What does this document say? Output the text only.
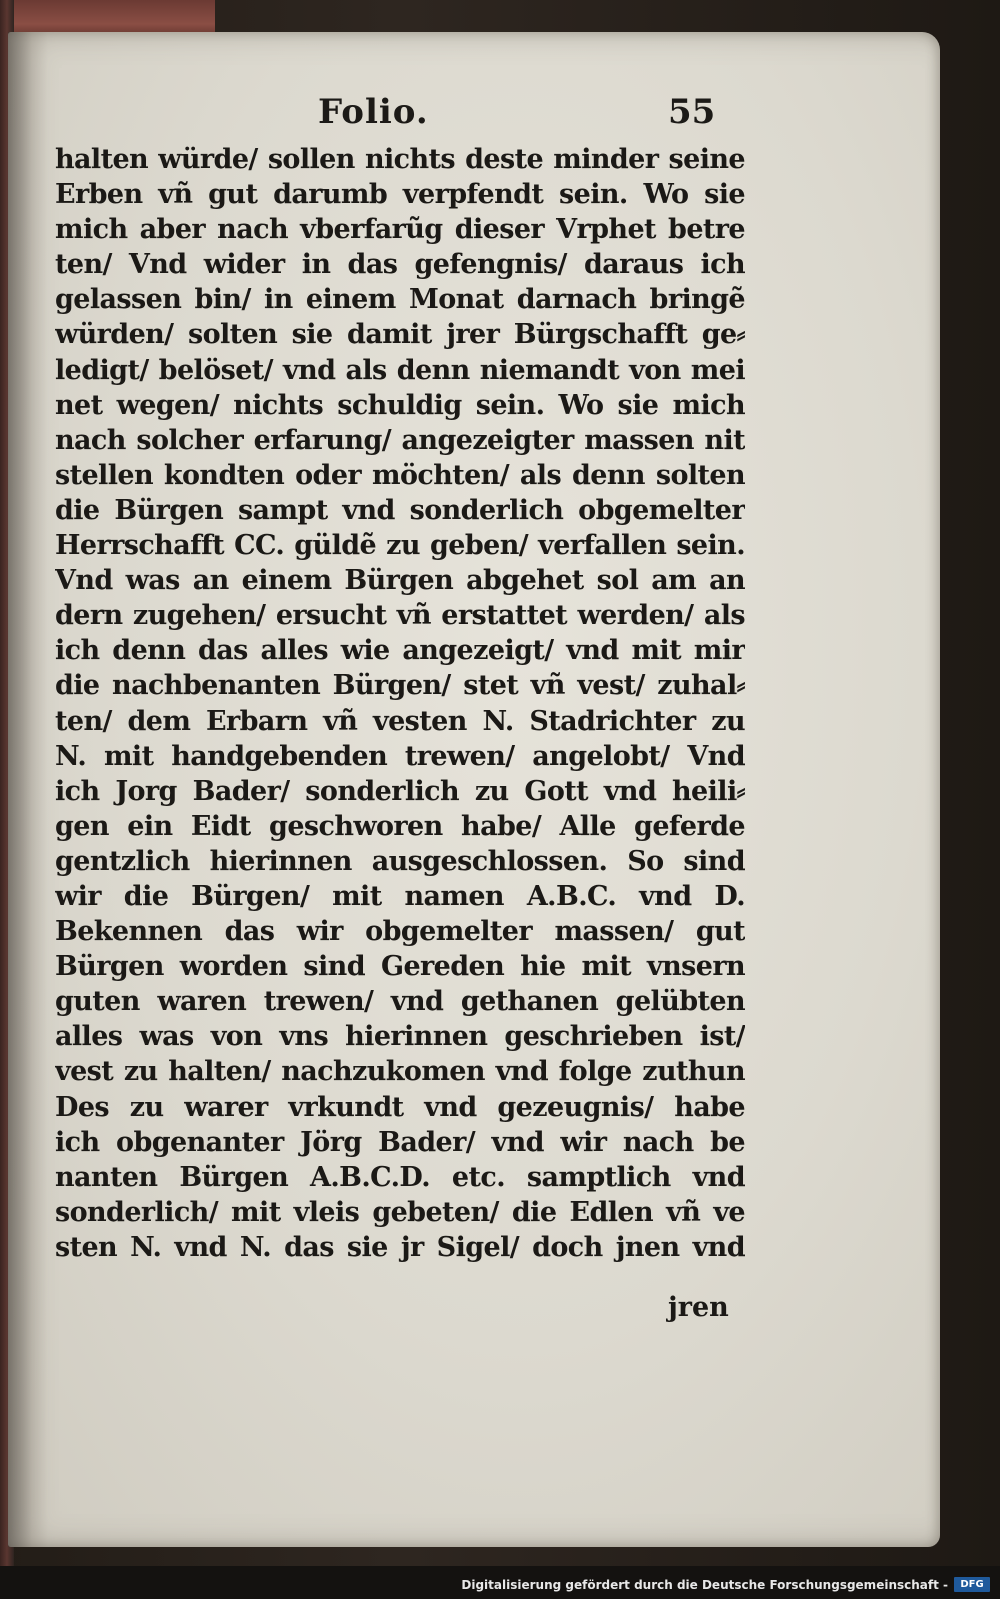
Folio.	55
halten würde/ sollen nichts deste minder seine
Erben vñ gut darumb verpfendt sein. Wo sie
mich aber nach vberfarũg dieser Vrphet betre
ten/ Vnd wider in das gefengnis/ daraus ich
gelassen bin/ in einem Monat darnach bringẽ
würden/ solten sie damit jrer Bürgschafft ge⸗
ledigt/ belöset/ vnd als denn niemandt von mei
net wegen/ nichts schuldig sein. Wo sie mich
nach solcher erfarung/ angezeigter massen nit
stellen kondten oder möchten/ als denn solten
die Bürgen sampt vnd sonderlich obgemelter
Herrschafft CC. güldẽ zu geben/ verfallen sein.
Vnd was an einem Bürgen abgehet sol am an
dern zugehen/ ersucht vñ erstattet werden/ als
ich denn das alles wie angezeigt/ vnd mit mir
die nachbenanten Bürgen/ stet vñ vest/ zuhal⸗
ten/ dem Erbarn vñ vesten N. Stadrichter zu
N. mit handgebenden trewen/ angelobt/ Vnd
ich Jorg Bader/ sonderlich zu Gott vnd heili⸗
gen ein Eidt geschworen habe/ Alle geferde
gentzlich hierinnen ausgeschlossen. So sind
wir die Bürgen/ mit namen A.B.C. vnd D.
Bekennen das wir obgemelter massen/ gut
Bürgen worden sind Gereden hie mit vnsern
guten waren trewen/ vnd gethanen gelübten
alles was von vns hierinnen geschrieben ist/
vest zu halten/ nachzukomen vnd folge zuthun
Des zu warer vrkundt vnd gezeugnis/ habe
ich obgenanter Jörg Bader/ vnd wir nach be
nanten Bürgen A.B.C.D. etc. samptlich vnd
sonderlich/ mit vleis gebeten/ die Edlen vñ ve
sten N. vnd N. das sie jr Sigel/ doch jnen vnd
jren
Digitalisierung gefördert durch die Deutsche Forschungsgemeinschaft -	DFG
